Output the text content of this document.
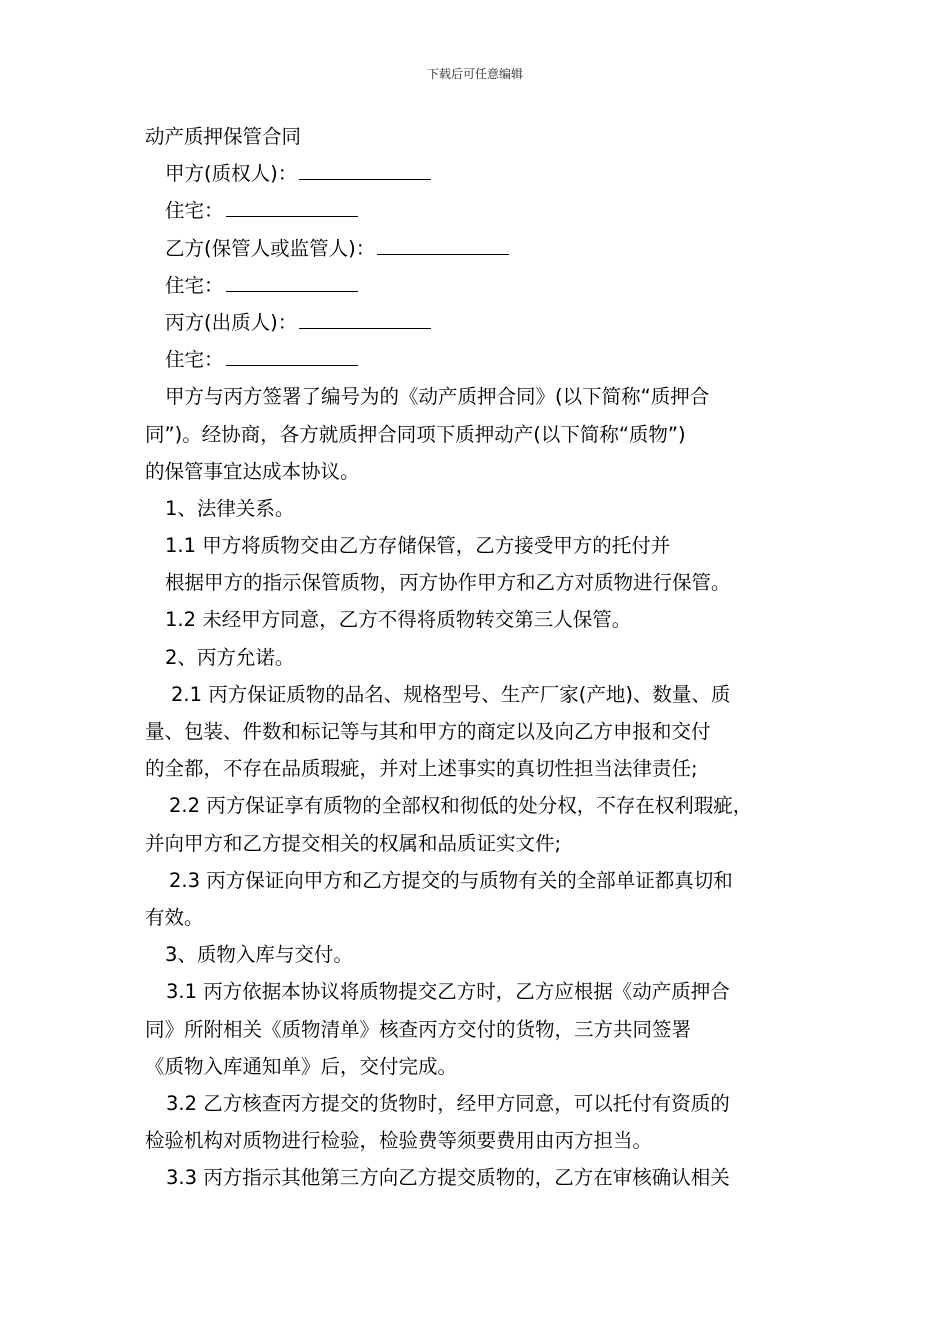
下载后可任意编辑
动产质押保管合同
甲方(质权人)：
住宅：
乙方(保管人或监管人)：
住宅：
丙方(出质人)：
住宅：
甲方与丙方签署了编号为的《动产质押合同》(以下简称“质押合
同”)。经协商，各方就质押合同项下质押动产(以下简称“质物”)
的保管事宜达成本协议。
1、法律关系。
1.1 甲方将质物交由乙方存储保管，乙方接受甲方的托付并
根据甲方的指示保管质物，丙方协作甲方和乙方对质物进行保管。
1.2 未经甲方同意，乙方不得将质物转交第三人保管。
2、丙方允诺。
2.1 丙方保证质物的品名、规格型号、生产厂家(产地)、数量、质
量、包装、件数和标记等与其和甲方的商定以及向乙方申报和交付
的全都，不存在品质瑕疵，并对上述事实的真切性担当法律责任;
2.2 丙方保证享有质物的全部权和彻低的处分权，不存在权利瑕疵，
并向甲方和乙方提交相关的权属和品质证实文件;
2.3 丙方保证向甲方和乙方提交的与质物有关的全部单证都真切和
有效。
3、质物入库与交付。
3.1 丙方依据本协议将质物提交乙方时，乙方应根据《动产质押合
同》所附相关《质物清单》核查丙方交付的货物，三方共同签署
《质物入库通知单》后，交付完成。
3.2 乙方核查丙方提交的货物时，经甲方同意，可以托付有资质的
检验机构对质物进行检验，检验费等须要费用由丙方担当。
3.3 丙方指示其他第三方向乙方提交质物的，乙方在审核确认相关
